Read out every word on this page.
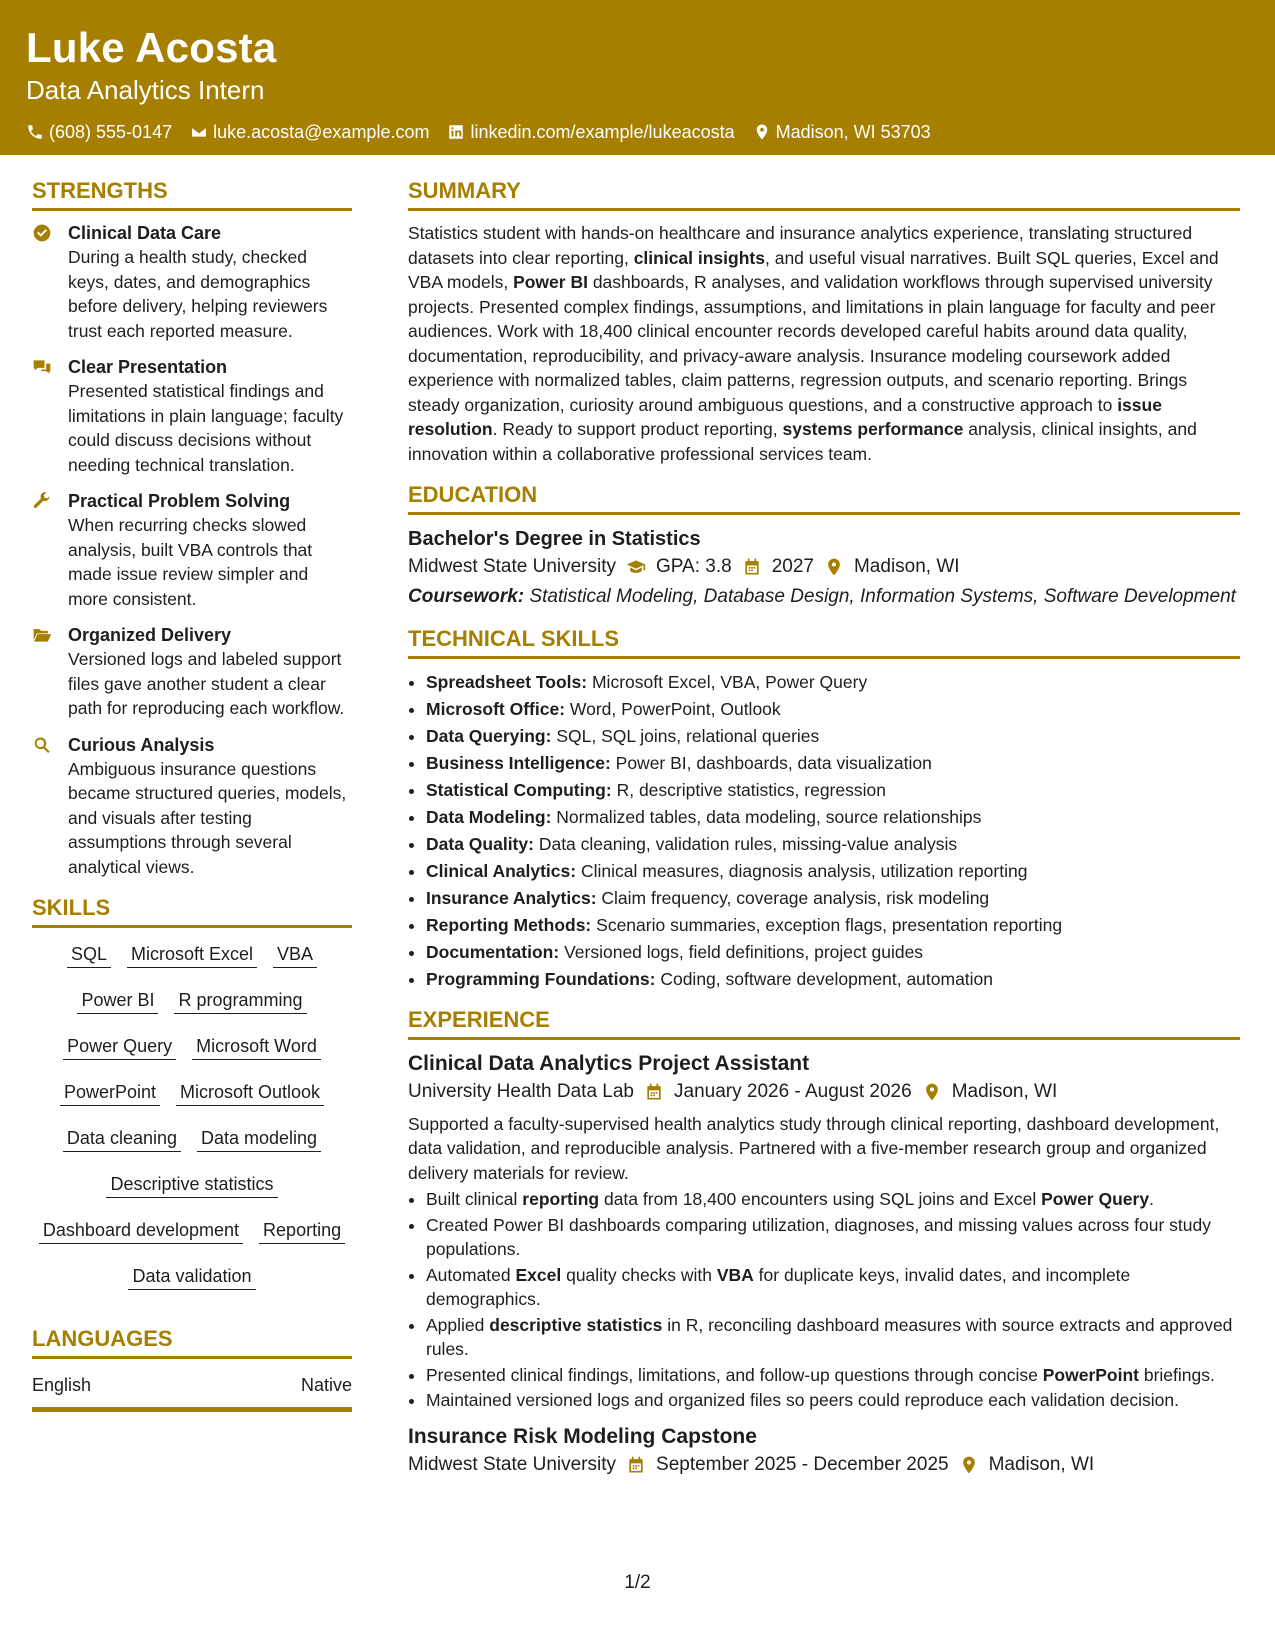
Luke Acosta
Data Analytics Intern
(608) 555-0147 luke.acosta@example.com linkedin.com/example/lukeacosta Madison, WI 53703
STRENGTHS
Clinical Data Care
During a health study, checked keys, dates, and demographics before delivery, helping reviewers trust each reported measure.
Clear Presentation
Presented statistical findings and limitations in plain language; faculty could discuss decisions without needing technical translation.
Practical Problem Solving
When recurring checks slowed analysis, built VBA controls that made issue review simpler and more consistent.
Organized Delivery
Versioned logs and labeled support files gave another student a clear path for reproducing each workflow.
Curious Analysis
Ambiguous insurance questions became structured queries, models, and visuals after testing assumptions through several analytical views.
SKILLS
SQL Microsoft Excel VBA
Power BI R programming
Power Query Microsoft Word
PowerPoint Microsoft Outlook
Data cleaning Data modeling
Descriptive statistics
Dashboard development Reporting
Data validation
LANGUAGES
English	Native
SUMMARY
Statistics student with hands-on healthcare and insurance analytics experience, translating structured datasets into clear reporting, clinical insights, and useful visual narratives. Built SQL queries, Excel and VBA models, Power BI dashboards, R analyses, and validation workflows through supervised university projects. Presented complex findings, assumptions, and limitations in plain language for faculty and peer audiences. Work with 18,400 clinical encounter records developed careful habits around data quality, documentation, reproducibility, and privacy-aware analysis. Insurance modeling coursework added experience with normalized tables, claim patterns, regression outputs, and scenario reporting. Brings steady organization, curiosity around ambiguous questions, and a constructive approach to issue resolution. Ready to support product reporting, systems performance analysis, clinical insights, and innovation within a collaborative professional services team.
EDUCATION
Bachelor's Degree in Statistics
Midwest State University GPA: 3.8 2027 Madison, WI
Coursework: Statistical Modeling, Database Design, Information Systems, Software Development
TECHNICAL SKILLS
• Spreadsheet Tools: Microsoft Excel, VBA, Power Query
• Microsoft Office: Word, PowerPoint, Outlook
• Data Querying: SQL, SQL joins, relational queries
• Business Intelligence: Power BI, dashboards, data visualization
• Statistical Computing: R, descriptive statistics, regression
• Data Modeling: Normalized tables, data modeling, source relationships
• Data Quality: Data cleaning, validation rules, missing-value analysis
• Clinical Analytics: Clinical measures, diagnosis analysis, utilization reporting
• Insurance Analytics: Claim frequency, coverage analysis, risk modeling
• Reporting Methods: Scenario summaries, exception flags, presentation reporting
• Documentation: Versioned logs, field definitions, project guides
• Programming Foundations: Coding, software development, automation
EXPERIENCE
Clinical Data Analytics Project Assistant
University Health Data Lab January 2026 - August 2026 Madison, WI
Supported a faculty-supervised health analytics study through clinical reporting, dashboard development, data validation, and reproducible analysis. Partnered with a five-member research group and organized delivery materials for review.
• Built clinical reporting data from 18,400 encounters using SQL joins and Excel Power Query.
• Created Power BI dashboards comparing utilization, diagnoses, and missing values across four study populations.
• Automated Excel quality checks with VBA for duplicate keys, invalid dates, and incomplete demographics.
• Applied descriptive statistics in R, reconciling dashboard measures with source extracts and approved rules.
• Presented clinical findings, limitations, and follow-up questions through concise PowerPoint briefings.
• Maintained versioned logs and organized files so peers could reproduce each validation decision.
Insurance Risk Modeling Capstone
Midwest State University September 2025 - December 2025 Madison, WI
1/2
